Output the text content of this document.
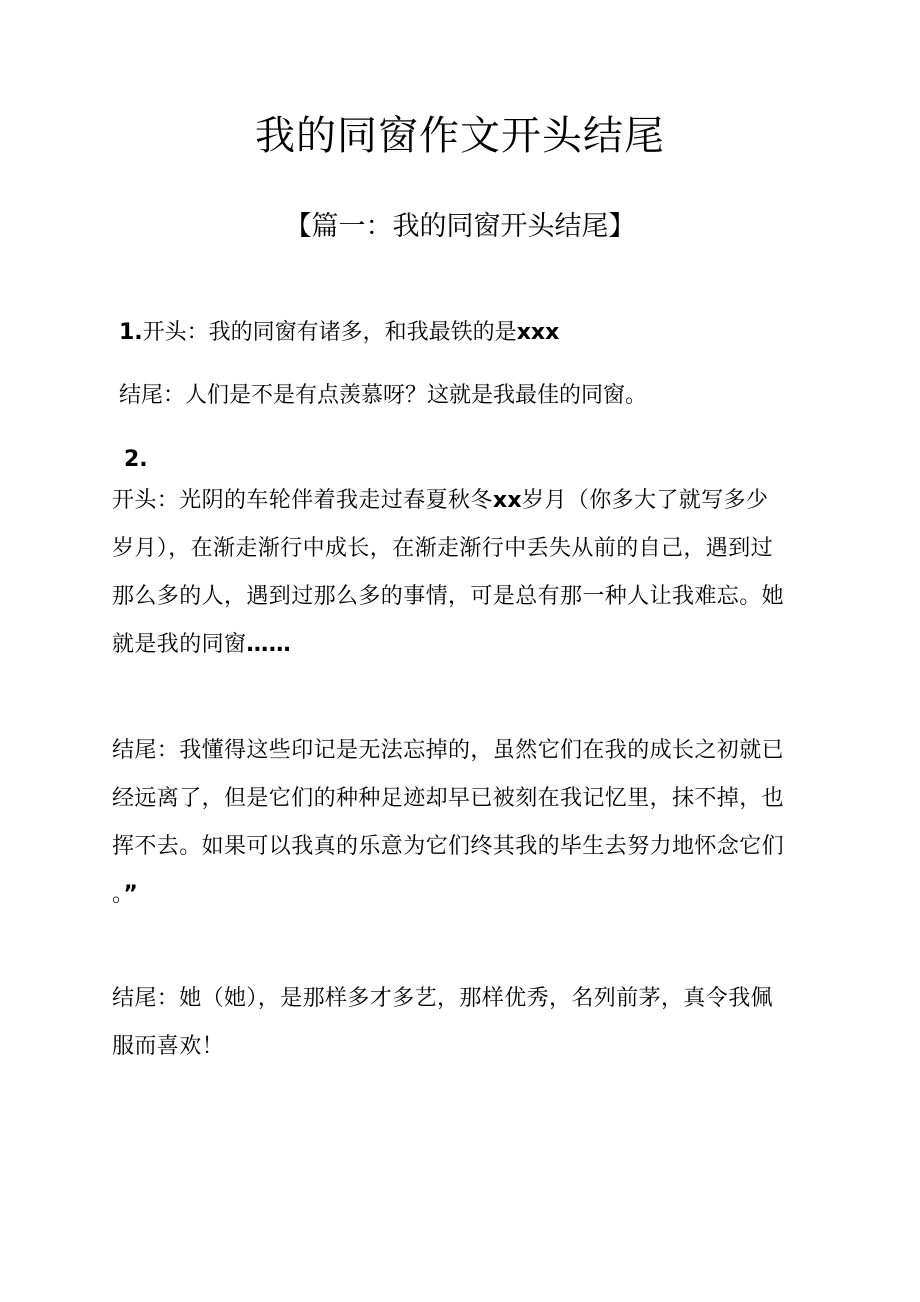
我的同窗作文开头结尾
【篇一：我的同窗开头结尾】
1.开头：我的同窗有诸多，和我最铁的是xxx
结尾：人们是不是有点羡慕呀？这就是我最佳的同窗。
2.
开头：光阴的车轮伴着我走过春夏秋冬xx岁月（你多大了就写多少
岁月），在渐走渐行中成长，在渐走渐行中丢失从前的自己，遇到过
那么多的人，遇到过那么多的事情，可是总有那一种人让我难忘。她
就是我的同窗……
结尾：我懂得这些印记是无法忘掉的，虽然它们在我的成长之初就已
经远离了，但是它们的种种足迹却早已被刻在我记忆里，抹不掉，也
挥不去。如果可以我真的乐意为它们终其我的毕生去努力地怀念它们
。”
结尾：她（她），是那样多才多艺，那样优秀，名列前茅，真令我佩
服而喜欢！
